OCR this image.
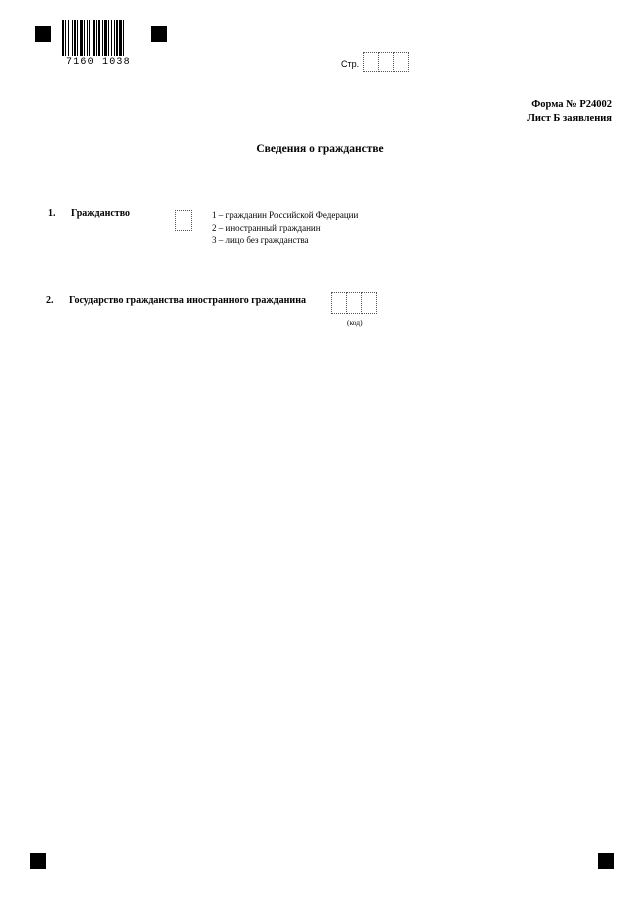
7160 1038	Стр.
Форма № Р24002
Лист Б заявления
Сведения о гражданстве
1. Гражданство	1 – гражданин Российской Федерации
2 – иностранный гражданин
3 – лицо без гражданства
2. Государство гражданства иностранного гражданина
(код)
